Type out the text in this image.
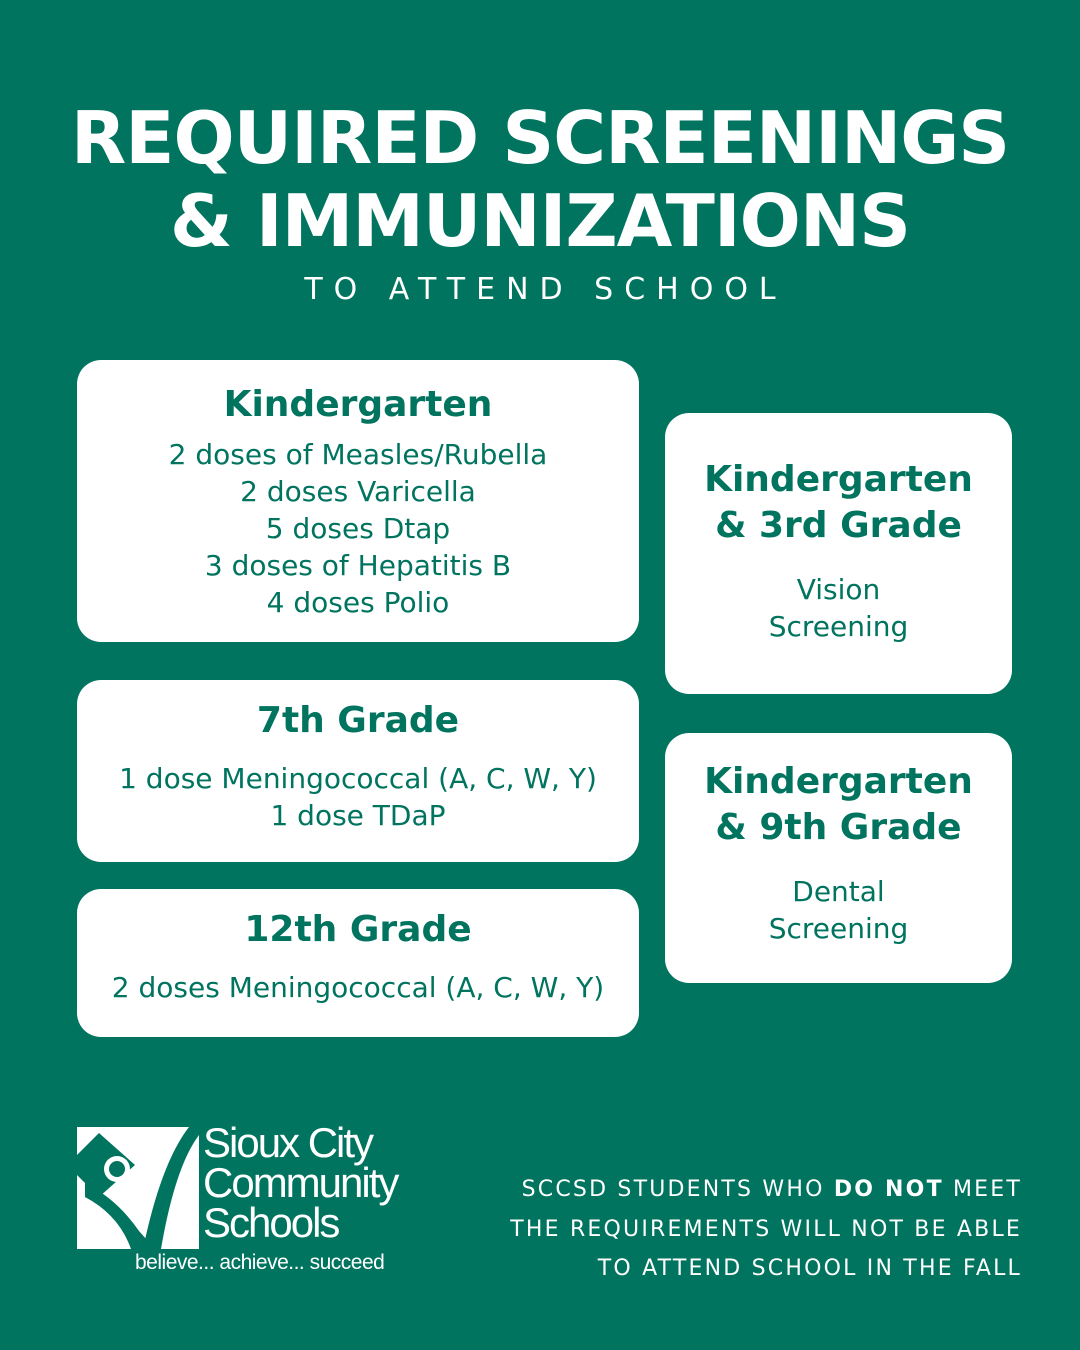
REQUIRED SCREENINGS
& IMMUNIZATIONS
TO ATTEND SCHOOL
Kindergarten
2 doses of Measles/Rubella
2 doses Varicella
5 doses Dtap
3 doses of Hepatitis B
4 doses Polio
7th Grade
1 dose Meningococcal (A, C, W, Y)
1 dose TDaP
12th Grade
2 doses Meningococcal (A, C, W, Y)
Kindergarten
& 3rd Grade
Vision
Screening
Kindergarten
& 9th Grade
Dental
Screening
Sioux City
Community
Schools
believe... achieve... succeed
SCCSD STUDENTS WHO DO NOT MEET
THE REQUIREMENTS WILL NOT BE ABLE
TO ATTEND SCHOOL IN THE FALL
